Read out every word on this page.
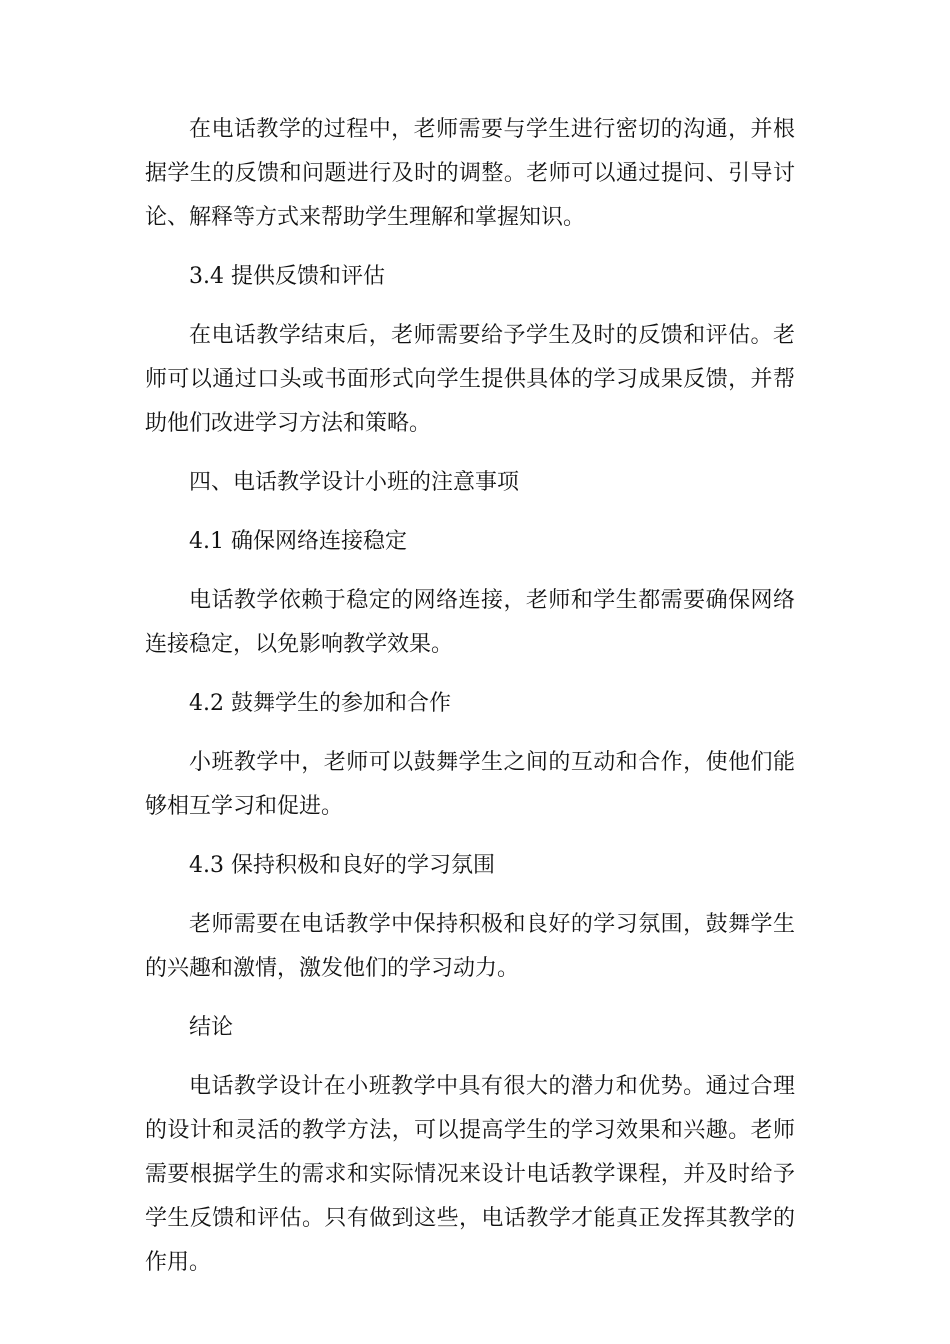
在电话教学的过程中，老师需要与学生进行密切的沟通，并根据学生的反馈和问题进行及时的调整。老师可以通过提问、引导讨论、解释等方式来帮助学生理解和掌握知识。

3.4 提供反馈和评估

在电话教学结束后，老师需要给予学生及时的反馈和评估。老师可以通过口头或书面形式向学生提供具体的学习成果反馈，并帮助他们改进学习方法和策略。

四、电话教学设计小班的注意事项

4.1 确保网络连接稳定

电话教学依赖于稳定的网络连接，老师和学生都需要确保网络连接稳定，以免影响教学效果。

4.2 鼓舞学生的参加和合作

小班教学中，老师可以鼓舞学生之间的互动和合作，使他们能够相互学习和促进。

4.3 保持积极和良好的学习氛围

老师需要在电话教学中保持积极和良好的学习氛围，鼓舞学生的兴趣和激情，激发他们的学习动力。

结论

电话教学设计在小班教学中具有很大的潜力和优势。通过合理的设计和灵活的教学方法，可以提高学生的学习效果和兴趣。老师需要根据学生的需求和实际情况来设计电话教学课程，并及时给予学生反馈和评估。只有做到这些，电话教学才能真正发挥其教学的作用。
